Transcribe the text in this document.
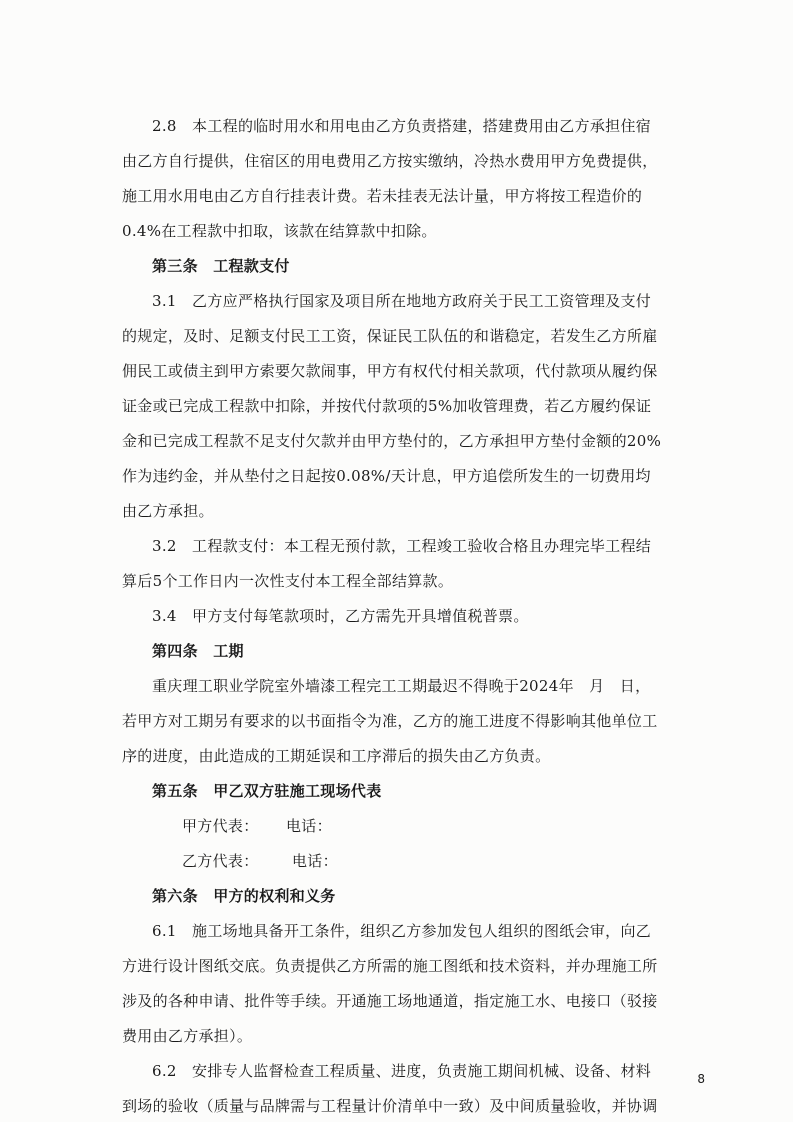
2.8　本工程的临时用水和用电由乙方负责搭建，搭建费用由乙方承担住宿
由乙方自行提供，住宿区的用电费用乙方按实缴纳，冷热水费用甲方免费提供，
施工用水用电由乙方自行挂表计费。若未挂表无法计量，甲方将按工程造价的
0.4%在工程款中扣取，该款在结算款中扣除。
第三条　工程款支付
3.1　乙方应严格执行国家及项目所在地地方政府关于民工工资管理及支付
的规定，及时、足额支付民工工资，保证民工队伍的和谐稳定，若发生乙方所雇
佣民工或债主到甲方索要欠款闹事，甲方有权代付相关款项，代付款项从履约保
证金或已完成工程款中扣除，并按代付款项的5%加收管理费，若乙方履约保证
金和已完成工程款不足支付欠款并由甲方垫付的，乙方承担甲方垫付金额的20%
作为违约金，并从垫付之日起按0.08%/天计息，甲方追偿所发生的一切费用均
由乙方承担。
3.2　工程款支付：本工程无预付款，工程竣工验收合格且办理完毕工程结
算后5个工作日内一次性支付本工程全部结算款。
3.4　甲方支付每笔款项时，乙方需先开具增值税普票。
第四条　工期
重庆理工职业学院室外墙漆工程完工工期最迟不得晚于2024年　月　日，
若甲方对工期另有要求的以书面指令为准，乙方的施工进度不得影响其他单位工
序的进度，由此造成的工期延误和工序滞后的损失由乙方负责。
第五条　甲乙双方驻施工现场代表
甲方代表： 电话：
乙方代表： 电话：
第六条　甲方的权利和义务
6.1　施工场地具备开工条件，组织乙方参加发包人组织的图纸会审，向乙
方进行设计图纸交底。负责提供乙方所需的施工图纸和技术资料，并办理施工所
涉及的各种申请、批件等手续。开通施工场地通道，指定施工水、电接口（驳接
费用由乙方承担）。
6.2　安排专人监督检查工程质量、进度，负责施工期间机械、设备、材料
到场的验收（质量与品牌需与工程量计价清单中一致）及中间质量验收，并协调
8
